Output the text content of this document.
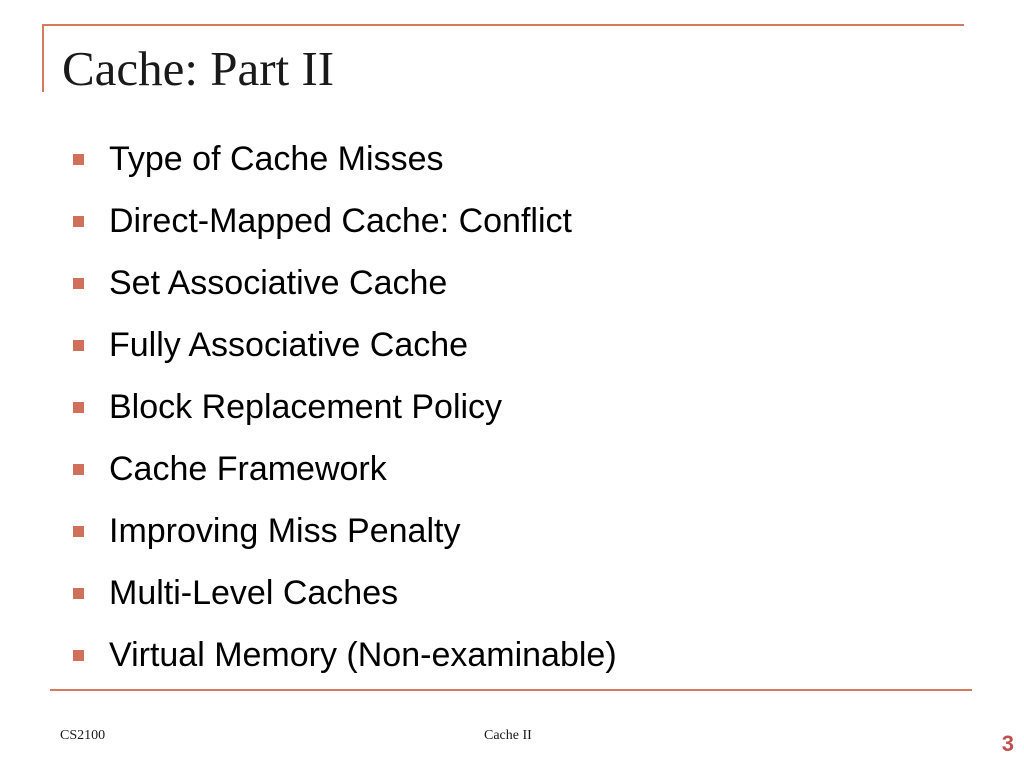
Cache: Part II
Type of Cache Misses
Direct-Mapped Cache: Conflict
Set Associative Cache
Fully Associative Cache
Block Replacement Policy
Cache Framework
Improving Miss Penalty
Multi-Level Caches
Virtual Memory (Non-examinable)
CS2100	Cache II	3
